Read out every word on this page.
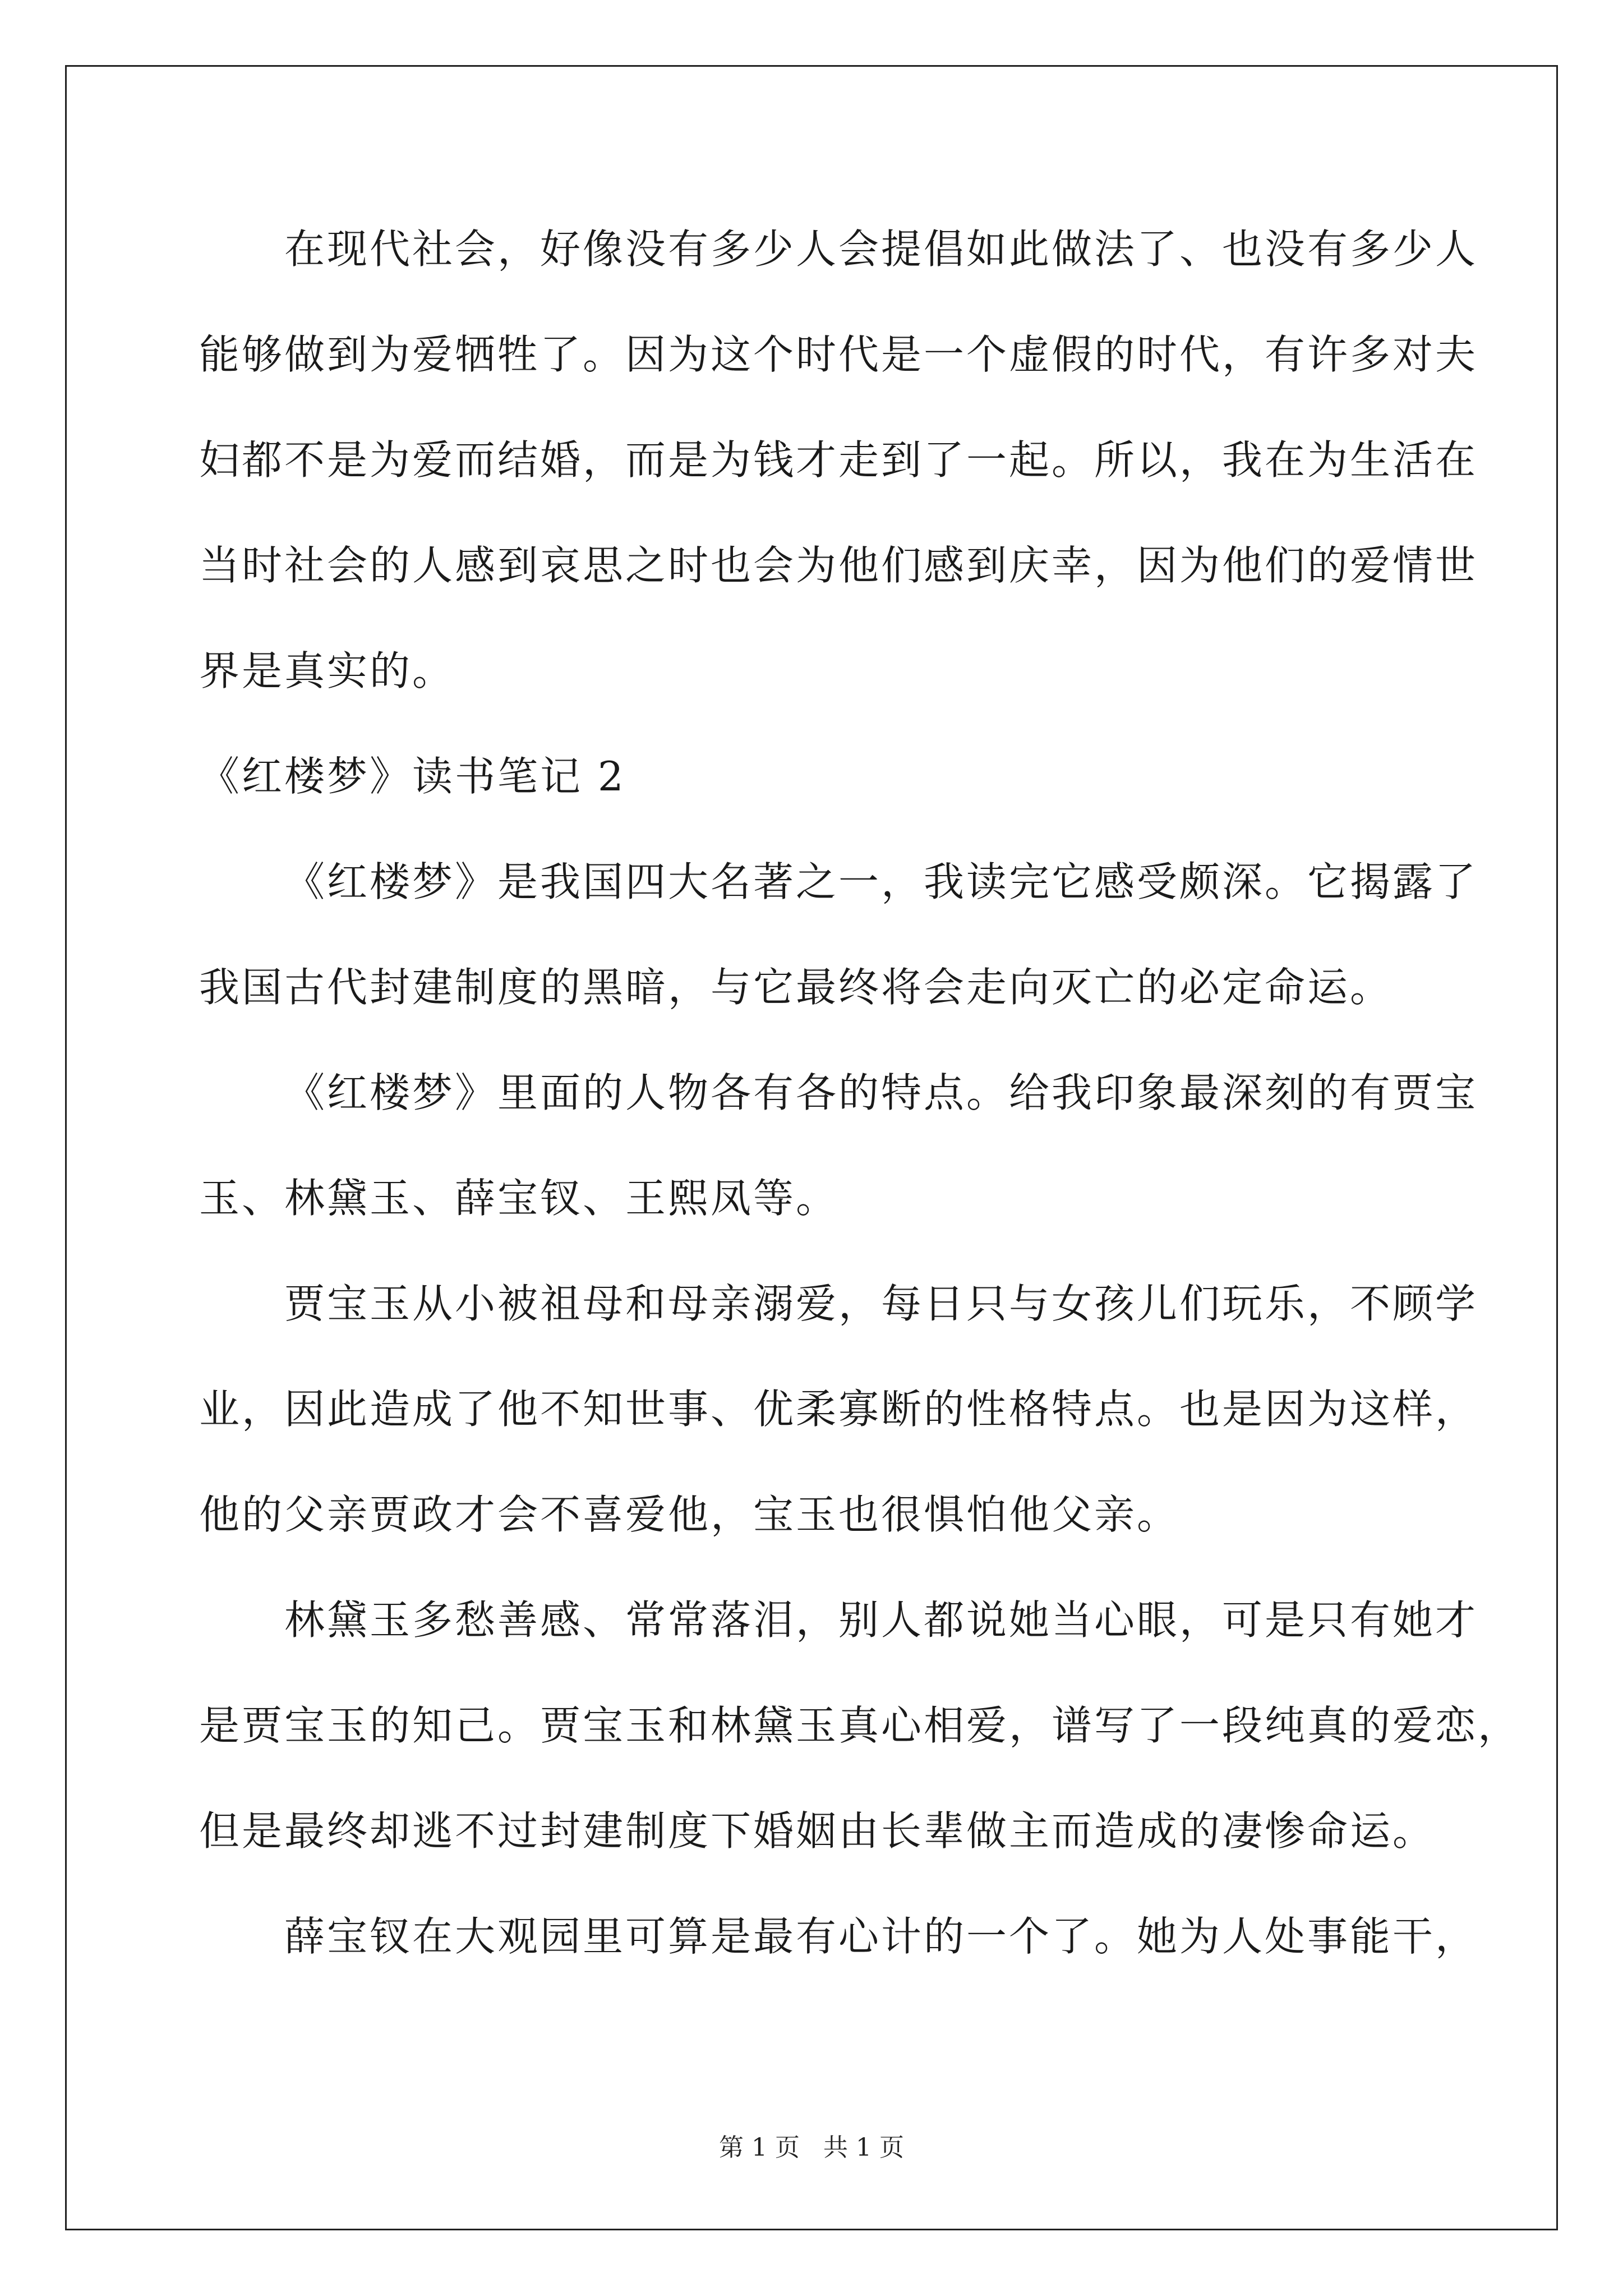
在现代社会，好像没有多少人会提倡如此做法了、也没有多少人
能够做到为爱牺牲了。因为这个时代是一个虚假的时代，有许多对夫
妇都不是为爱而结婚，而是为钱才走到了一起。所以，我在为生活在
当时社会的人感到哀思之时也会为他们感到庆幸，因为他们的爱情世
界是真实的。
《红楼梦》读书笔记 2
《红楼梦》是我国四大名著之一，我读完它感受颇深。它揭露了
我国古代封建制度的黑暗，与它最终将会走向灭亡的必定命运。
《红楼梦》里面的人物各有各的特点。给我印象最深刻的有贾宝
玉、林黛玉、薛宝钗、王熙凤等。
贾宝玉从小被祖母和母亲溺爱，每日只与女孩儿们玩乐，不顾学
业，因此造成了他不知世事、优柔寡断的性格特点。也是因为这样，
他的父亲贾政才会不喜爱他，宝玉也很惧怕他父亲。
林黛玉多愁善感、常常落泪，别人都说她当心眼，可是只有她才
是贾宝玉的知己。贾宝玉和林黛玉真心相爱，谱写了一段纯真的爱恋，
但是最终却逃不过封建制度下婚姻由长辈做主而造成的凄惨命运。
薛宝钗在大观园里可算是最有心计的一个了。她为人处事能干，
第 1 页   共 1 页
